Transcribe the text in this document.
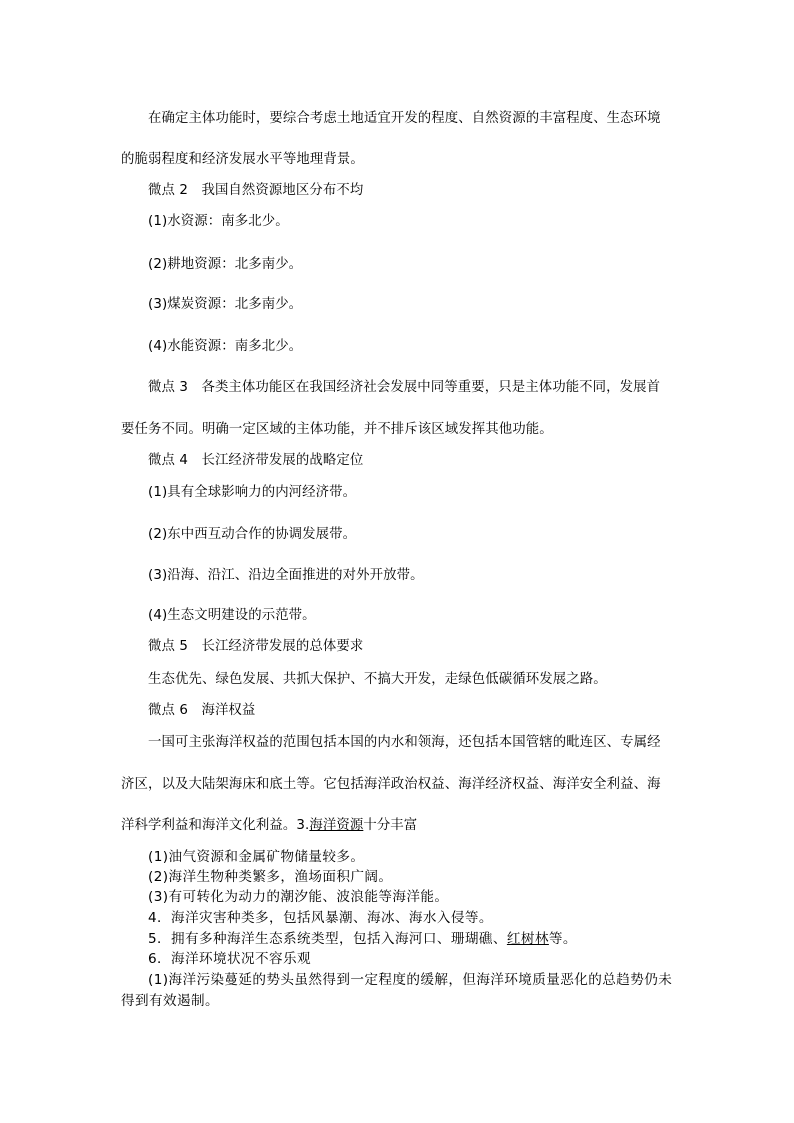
在确定主体功能时，要综合考虑土地适宜开发的程度、自然资源的丰富程度、生态环境
的脆弱程度和经济发展水平等地理背景。
微点 2　我国自然资源地区分布不均
(1)水资源：南多北少。
(2)耕地资源：北多南少。
(3)煤炭资源：北多南少。
(4)水能资源：南多北少。
微点 3　各类主体功能区在我国经济社会发展中同等重要，只是主体功能不同，发展首
要任务不同。明确一定区域的主体功能，并不排斥该区域发挥其他功能。
微点 4　长江经济带发展的战略定位
(1)具有全球影响力的内河经济带。
(2)东中西互动合作的协调发展带。
(3)沿海、沿江、沿边全面推进的对外开放带。
(4)生态文明建设的示范带。
微点 5　长江经济带发展的总体要求
生态优先、绿色发展、共抓大保护、不搞大开发，走绿色低碳循环发展之路。
微点 6　海洋权益
一国可主张海洋权益的范围包括本国的内水和领海，还包括本国管辖的毗连区、专属经
济区，以及大陆架海床和底土等。它包括海洋政治权益、海洋经济权益、海洋安全利益、海
洋科学利益和海洋文化利益。3.海洋资源十分丰富
(1)油气资源和金属矿物储量较多。
(2)海洋生物种类繁多，渔场面积广阔。
(3)有可转化为动力的潮汐能、波浪能等海洋能。
4．海洋灾害种类多，包括风暴潮、海冰、海水入侵等。
5．拥有多种海洋生态系统类型，包括入海河口、珊瑚礁、红树林等。
6．海洋环境状况不容乐观
(1)海洋污染蔓延的势头虽然得到一定程度的缓解，但海洋环境质量恶化的总趋势仍未
得到有效遏制。
